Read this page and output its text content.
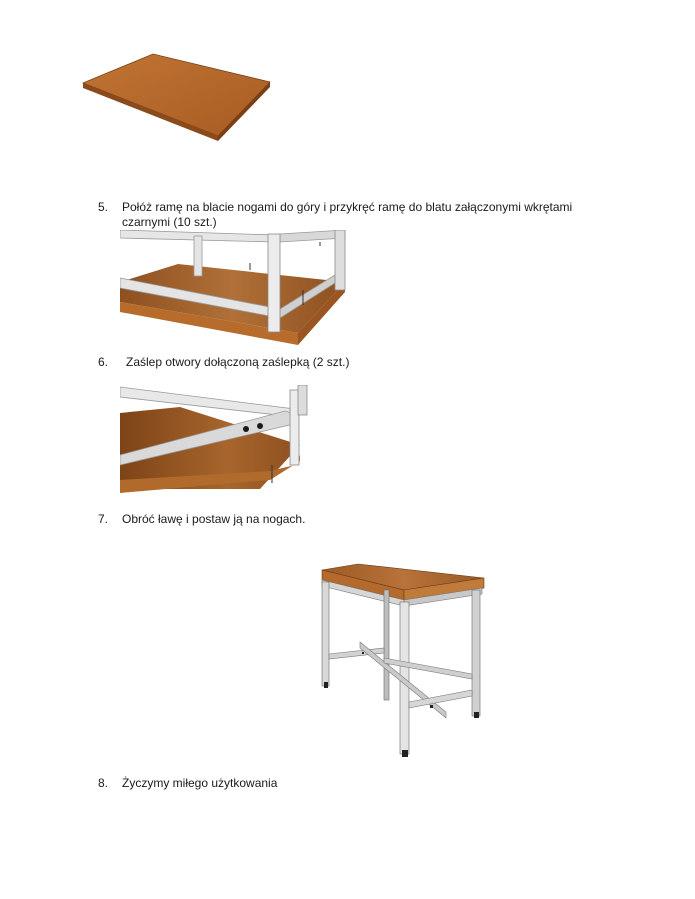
5. Połóż ramę na blacie nogami do góry i przykręć ramę do blatu załączonymi wkrętami czarnymi (10 szt.)
6. Zaślep otwory dołączoną zaślepką (2 szt.)
7. Obróć ławę i postaw ją na nogach.
8. Życzymy miłego użytkowania
